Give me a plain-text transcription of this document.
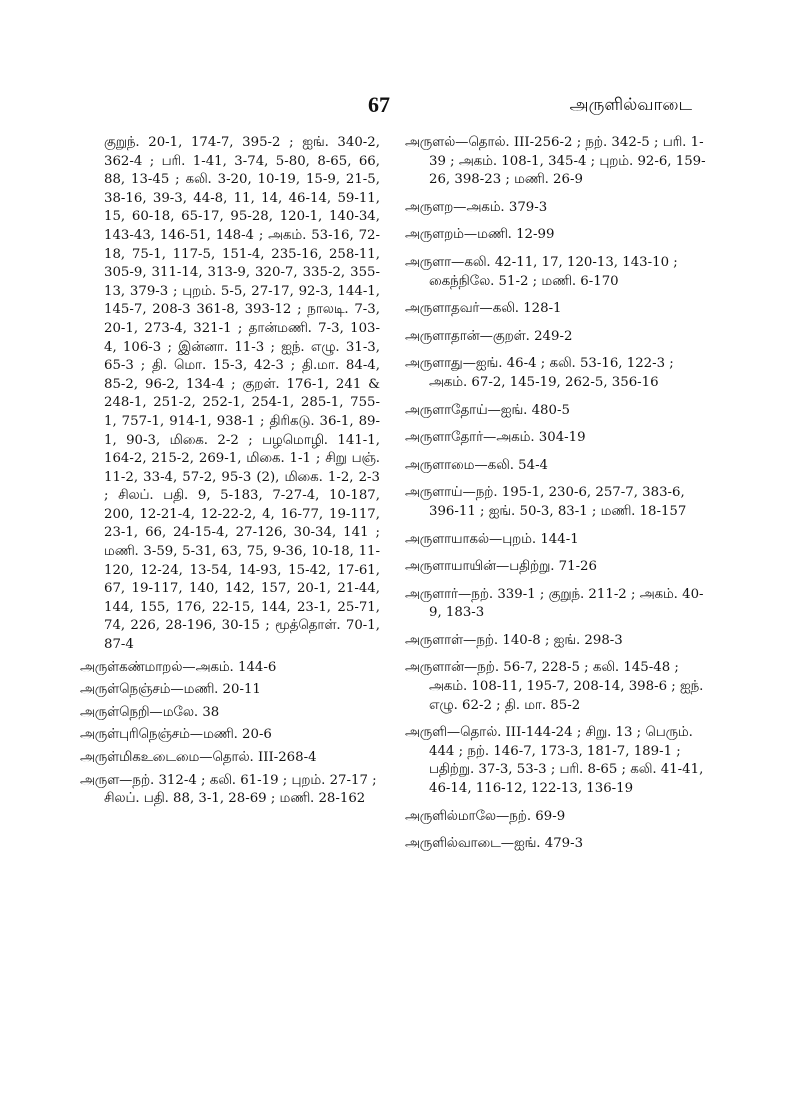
67	அருளில்வாடை
குறுந். 20-1, 174-7, 395-2 ; ஐங். 340-2, 362-4 ; பரி. 1-41, 3-74, 5-80, 8-65, 66, 88, 13-45 ; கலி. 3-20, 10-19, 15-9, 21-5, 38-16, 39-3, 44-8, 11, 14, 46-14, 59-11, 15, 60-18, 65-17, 95-28, 120-1, 140-34, 143-43, 146-51, 148-4 ; அகம். 53-16, 72-18, 75-1, 117-5, 151-4, 235-16, 258-11, 305-9, 311-14, 313-9, 320-7, 335-2, 355-13, 379-3 ; புறம். 5-5, 27-17, 92-3, 144-1, 145-7, 208-3 361-8, 393-12 ; நாலடி. 7-3, 20-1, 273-4, 321-1 ; தான்மணி. 7-3, 103-4, 106-3 ; இன்னா. 11-3 ; ஐந். எழு. 31-3, 65-3 ; தி. மொ. 15-3, 42-3 ; தி.மா. 84-4, 85-2, 96-2, 134-4 ; குறள். 176-1, 241 & 248-1, 251-2, 252-1, 254-1, 285-1, 755-1, 757-1, 914-1, 938-1 ; திரிகடு. 36-1, 89-1, 90-3, மிகை. 2-2 ; பழமொழி. 141-1, 164-2, 215-2, 269-1, மிகை. 1-1 ; சிறு பஞ். 11-2, 33-4, 57-2, 95-3 (2), மிகை. 1-2, 2-3 ; சிலப். பதி. 9, 5-183, 7-27-4, 10-187, 200, 12-21-4, 12-22-2, 4, 16-77, 19-117, 23-1, 66, 24-15-4, 27-126, 30-34, 141 ; மணி. 3-59, 5-31, 63, 75, 9-36, 10-18, 11-120, 12-24, 13-54, 14-93, 15-42, 17-61, 67, 19-117, 140, 142, 157, 20-1, 21-44, 144, 155, 176, 22-15, 144, 23-1, 25-71, 74, 226, 28-196, 30-15 ; மூத்தொள். 70-1, 87-4
அருள்கண்மாறல்—அகம். 144-6
அருள்நெஞ்சம்—மணி. 20-11
அருள்நெறி—மலே. 38
அருள்புரிநெஞ்சம்—மணி. 20-6
அருள்மிகஉடைமை—தொல். III-268-4
அருள—நற். 312-4 ; கலி. 61-19 ; புறம். 27-17 ; சிலப். பதி. 88, 3-1, 28-69 ; மணி. 28-162
அருளல்—தொல். III-256-2 ; நற். 342-5 ; பரி. 1-39 ; அகம். 108-1, 345-4 ; புறம். 92-6, 159-26, 398-23 ; மணி. 26-9
அருளற—அகம். 379-3
அருளறம்—மணி. 12-99
அருளா—கலி. 42-11, 17, 120-13, 143-10 ; கைந்நிலே. 51-2 ; மணி. 6-170
அருளாதவர்—கலி. 128-1
அருளாதான்—குறள். 249-2
அருளாது—ஐங். 46-4 ; கலி. 53-16, 122-3 ; அகம். 67-2, 145-19, 262-5, 356-16
அருளாதோய்—ஐங். 480-5
அருளாதோர்—அகம். 304-19
அருளாமை—கலி. 54-4
அருளாய்—நற். 195-1, 230-6, 257-7, 383-6, 396-11 ; ஐங். 50-3, 83-1 ; மணி. 18-157
அருளாயாகல்—புறம். 144-1
அருளாயாயின்—பதிற்று. 71-26
அருளார்—நற். 339-1 ; குறுந். 211-2 ; அகம். 40-9, 183-3
அருளாள்—நற். 140-8 ; ஐங். 298-3
அருளான்—நற். 56-7, 228-5 ; கலி. 145-48 ; அகம். 108-11, 195-7, 208-14, 398-6 ; ஐந். எழு. 62-2 ; தி. மா. 85-2
அருளி—தொல். III-144-24 ; சிறு. 13 ; பெரும். 444 ; நற். 146-7, 173-3, 181-7, 189-1 ; பதிற்று. 37-3, 53-3 ; பரி. 8-65 ; கலி. 41-41, 46-14, 116-12, 122-13, 136-19
அருளில்மாலே—நற். 69-9
அருளில்வாடை—ஐங். 479-3
